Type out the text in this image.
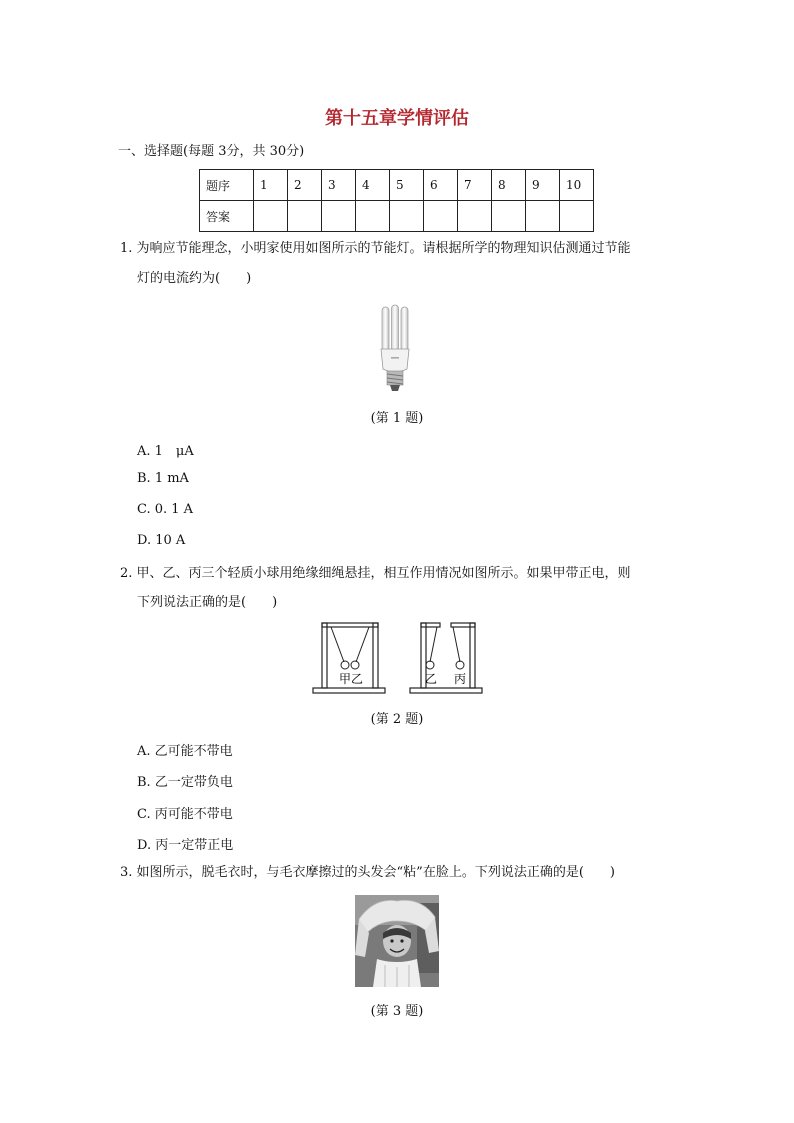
第十五章学情评估
一、选择题(每题 3分，共 30分)
题序	1	2	3	4	5	6	7	8	9	10
答案										
1. 为响应节能理念，小明家使用如图所示的节能灯。请根据所学的物理知识估测通过节能
灯的电流约为(　　)
(第 1 题)
A. 1　μA
B. 1 mA
C. 0. 1 A
D. 10 A
2. 甲、乙、丙三个轻质小球用绝缘细绳悬挂，相互作用情况如图所示。如果甲带正电，则
下列说法正确的是(　　)
甲 乙	乙 丙
(第 2 题)
A. 乙可能不带电
B. 乙一定带负电
C. 丙可能不带电
D. 丙一定带正电
3. 如图所示，脱毛衣时，与毛衣摩擦过的头发会“粘”在脸上。下列说法正确的是(　　)
(第 3 题)
